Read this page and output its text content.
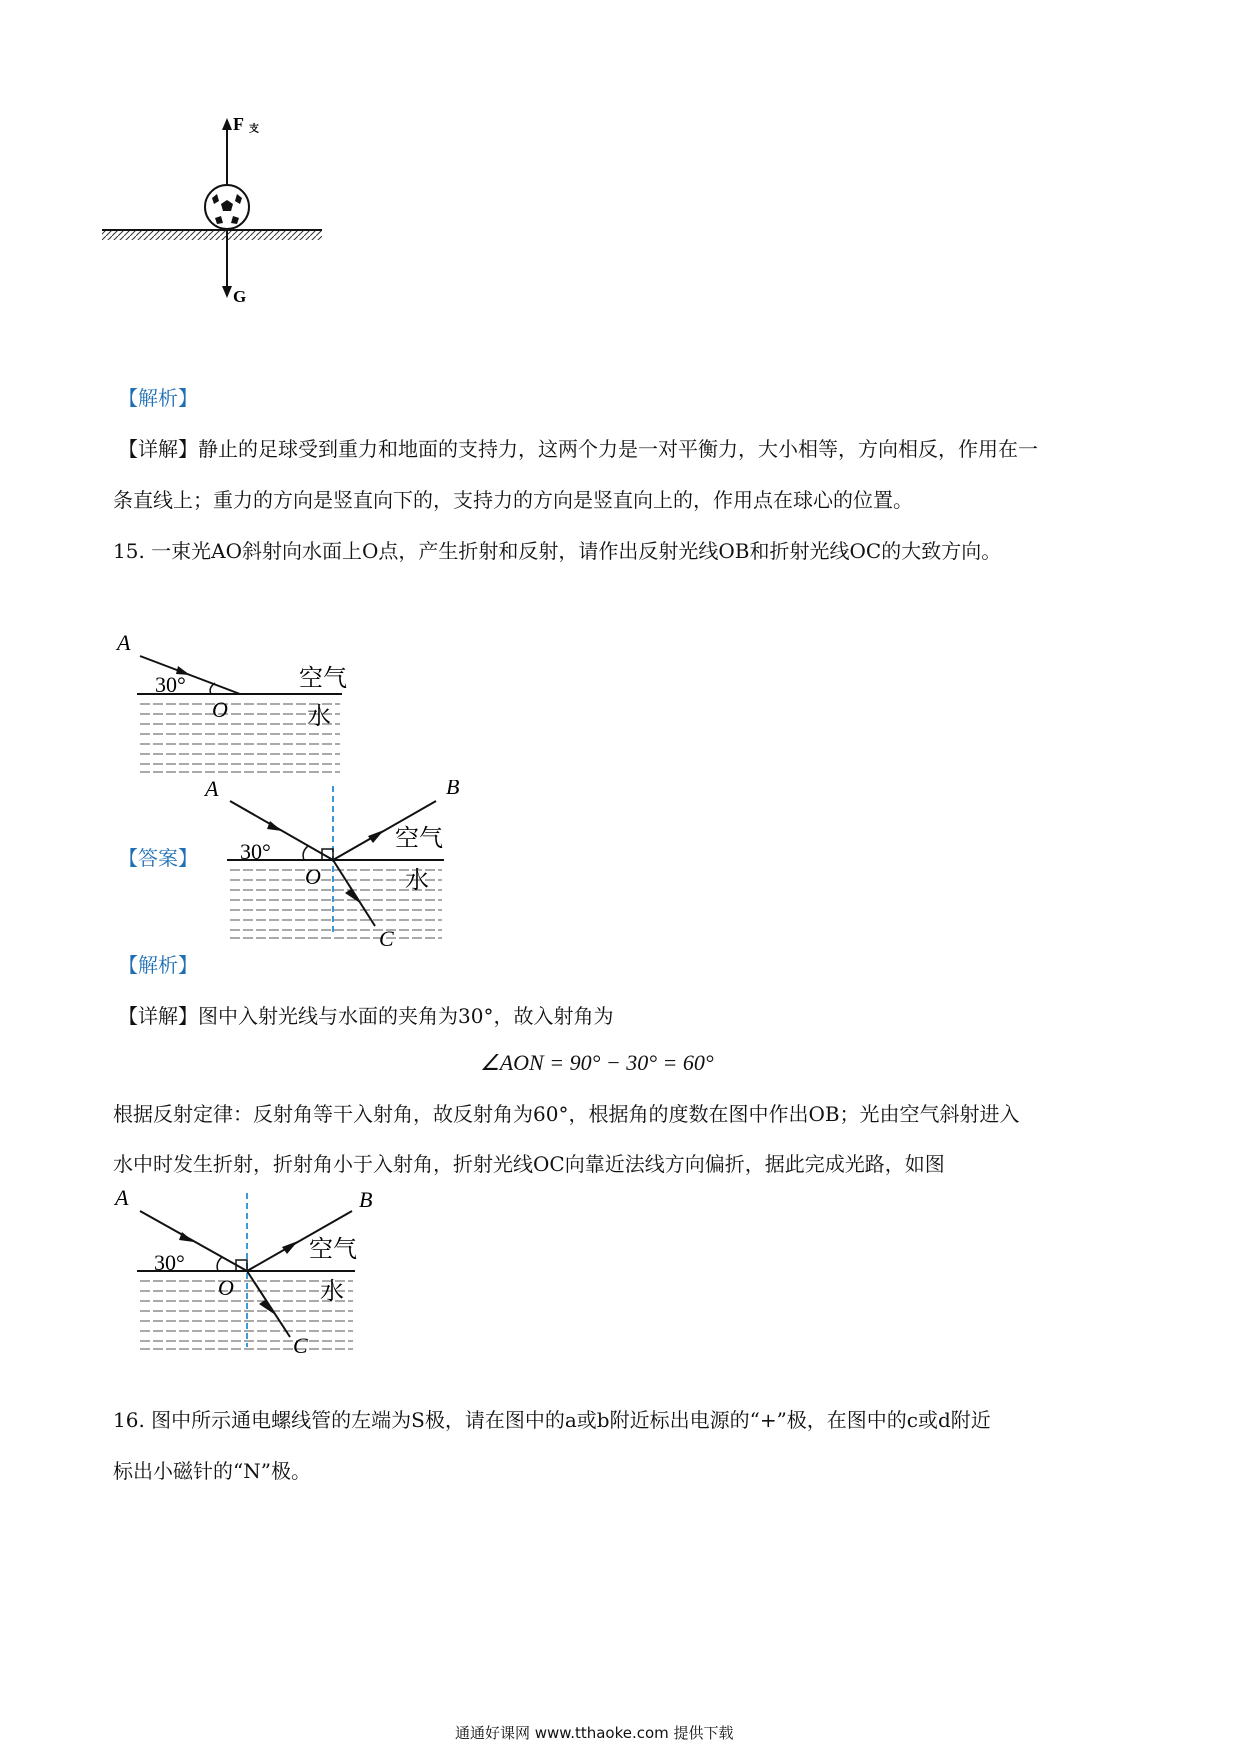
F 支
G
【解析】
【详解】静止的足球受到重力和地面的支持力，这两个力是一对平衡力，大小相等，方向相反，作用在一
条直线上；重力的方向是竖直向下的，支持力的方向是竖直向上的，作用点在球心的位置。
15. 一束光AO斜射向水面上O点，产生折射和反射，请作出反射光线OB和折射光线OC的大致方向。
A
30°
O
空气
水
【答案】
A	B
C
30°
O
空气
水
【解析】
【详解】图中入射光线与水面的夹角为30°，故入射角为
∠AON = 90° − 30° = 60°
根据反射定律：反射角等干入射角，故反射角为60°，根据角的度数在图中作出OB；光由空气斜射进入
水中时发生折射，折射角小于入射角，折射光线OC向靠近法线方向偏折，据此完成光路，如图
A	B
C
30°
O
空气
水
16. 图中所示通电螺线管的左端为S极，请在图中的a或b附近标出电源的“+”极，在图中的c或d附近
标出小磁针的“N”极。
通通好课网 www.tthaoke.com 提供下载
